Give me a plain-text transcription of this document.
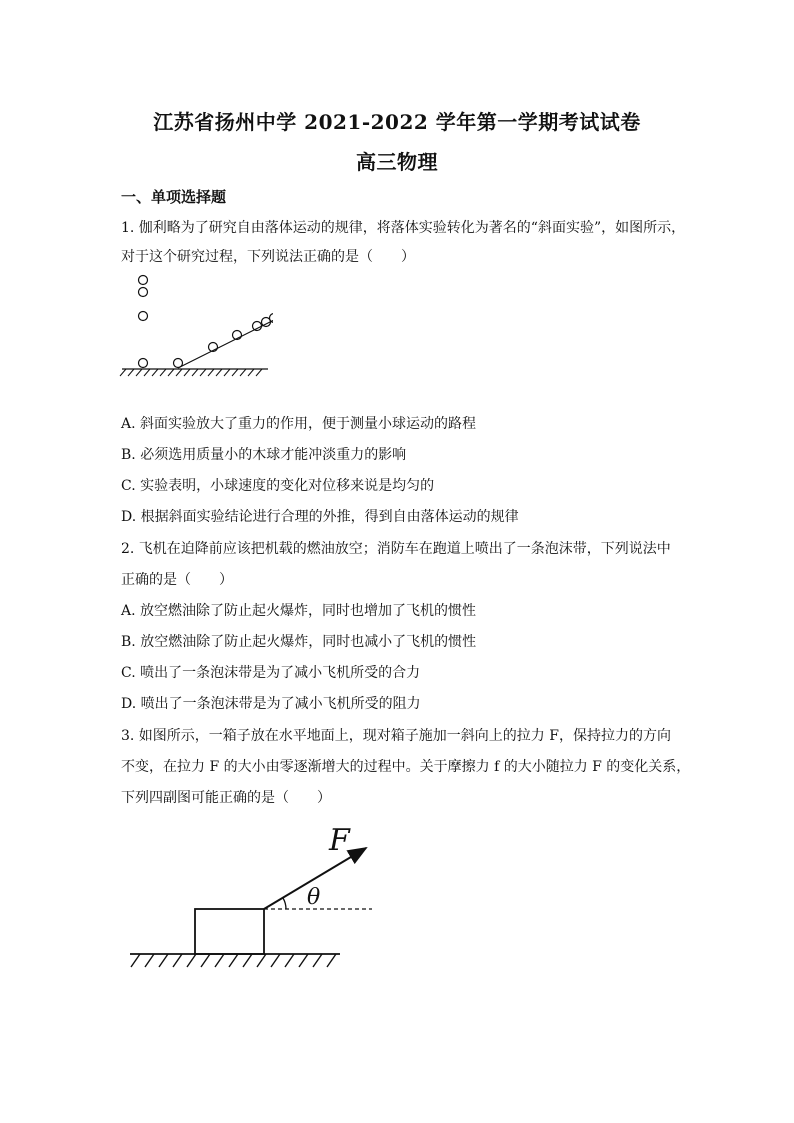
江苏省扬州中学 2021-2022 学年第一学期考试试卷
高三物理
一、单项选择题
1. 伽利略为了研究自由落体运动的规律，将落体实验转化为著名的“斜面实验”，如图所示，
对于这个研究过程，下列说法正确的是（　　）
A. 斜面实验放大了重力的作用，便于测量小球运动的路程
B. 必须选用质量小的木球才能冲淡重力的影响
C. 实验表明，小球速度的变化对位移来说是均匀的
D. 根据斜面实验结论进行合理的外推，得到自由落体运动的规律
2. 飞机在迫降前应该把机载的燃油放空；消防车在跑道上喷出了一条泡沫带，下列说法中
正确的是（　　）
A. 放空燃油除了防止起火爆炸，同时也增加了飞机的惯性
B. 放空燃油除了防止起火爆炸，同时也减小了飞机的惯性
C. 喷出了一条泡沫带是为了减小飞机所受的合力
D. 喷出了一条泡沫带是为了减小飞机所受的阻力
3. 如图所示，一箱子放在水平地面上，现对箱子施加一斜向上的拉力 F，保持拉力的方向
不变，在拉力 F 的大小由零逐渐增大的过程中。关于摩擦力 f 的大小随拉力 F 的变化关系，
下列四副图可能正确的是（　　）
F
θ
